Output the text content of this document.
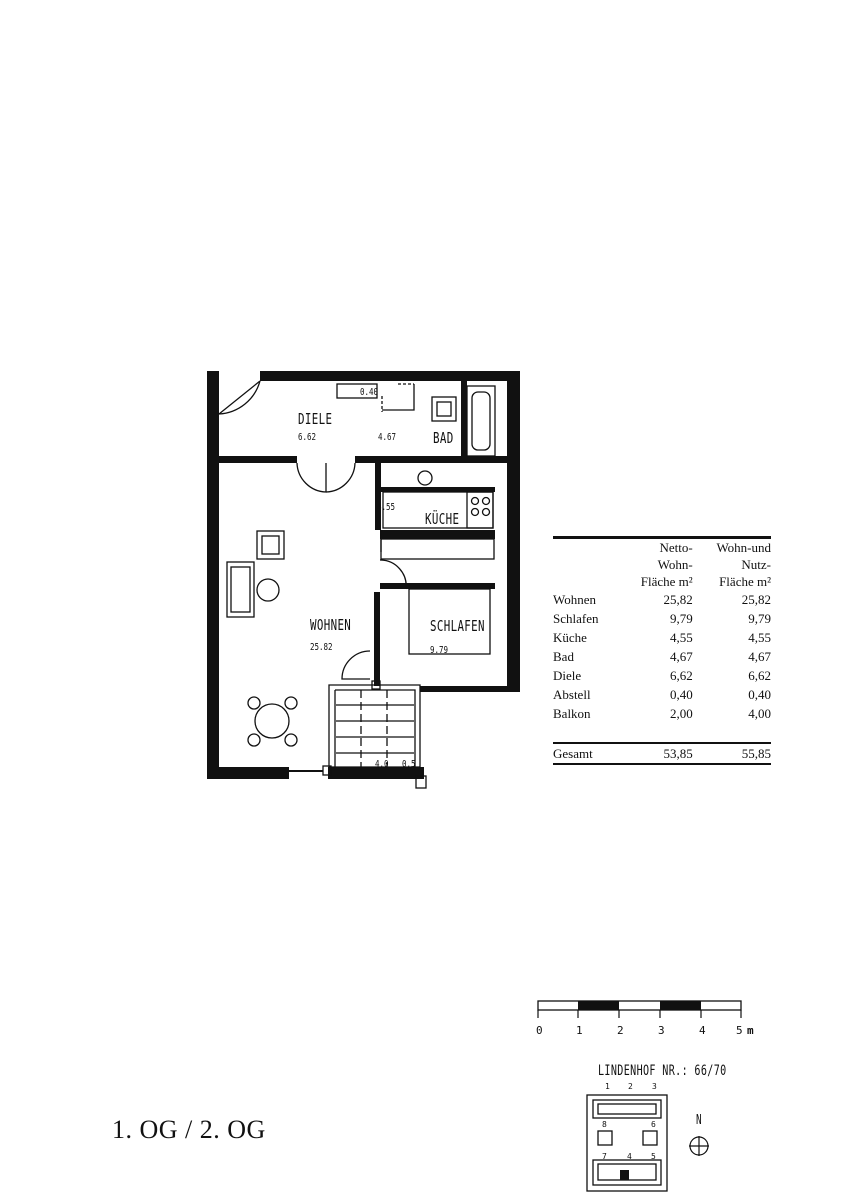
DIELE
6.62
0.40
4.67 BAD
4.55
KÜCHE
WOHNEN
25.82
SCHLAFEN
9.79
4.0 0.5
	Netto-	Wohn-und
	Wohn-	Nutz-
	Fläche m²	Fläche m²
Wohnen	25,82	25,82
Schlafen	9,79	9,79
Küche	4,55	4,55
Bad	4,67	4,67
Diele	6,62	6,62
Abstell	0,40	0,40
Balkon	2,00	4,00

Gesamt	53,85	55,85
0	1	2	3	4	5 m
LINDENHOF NR.: 66/70
1 2 3
8	6
7	4 5
N
1. OG / 2. OG
